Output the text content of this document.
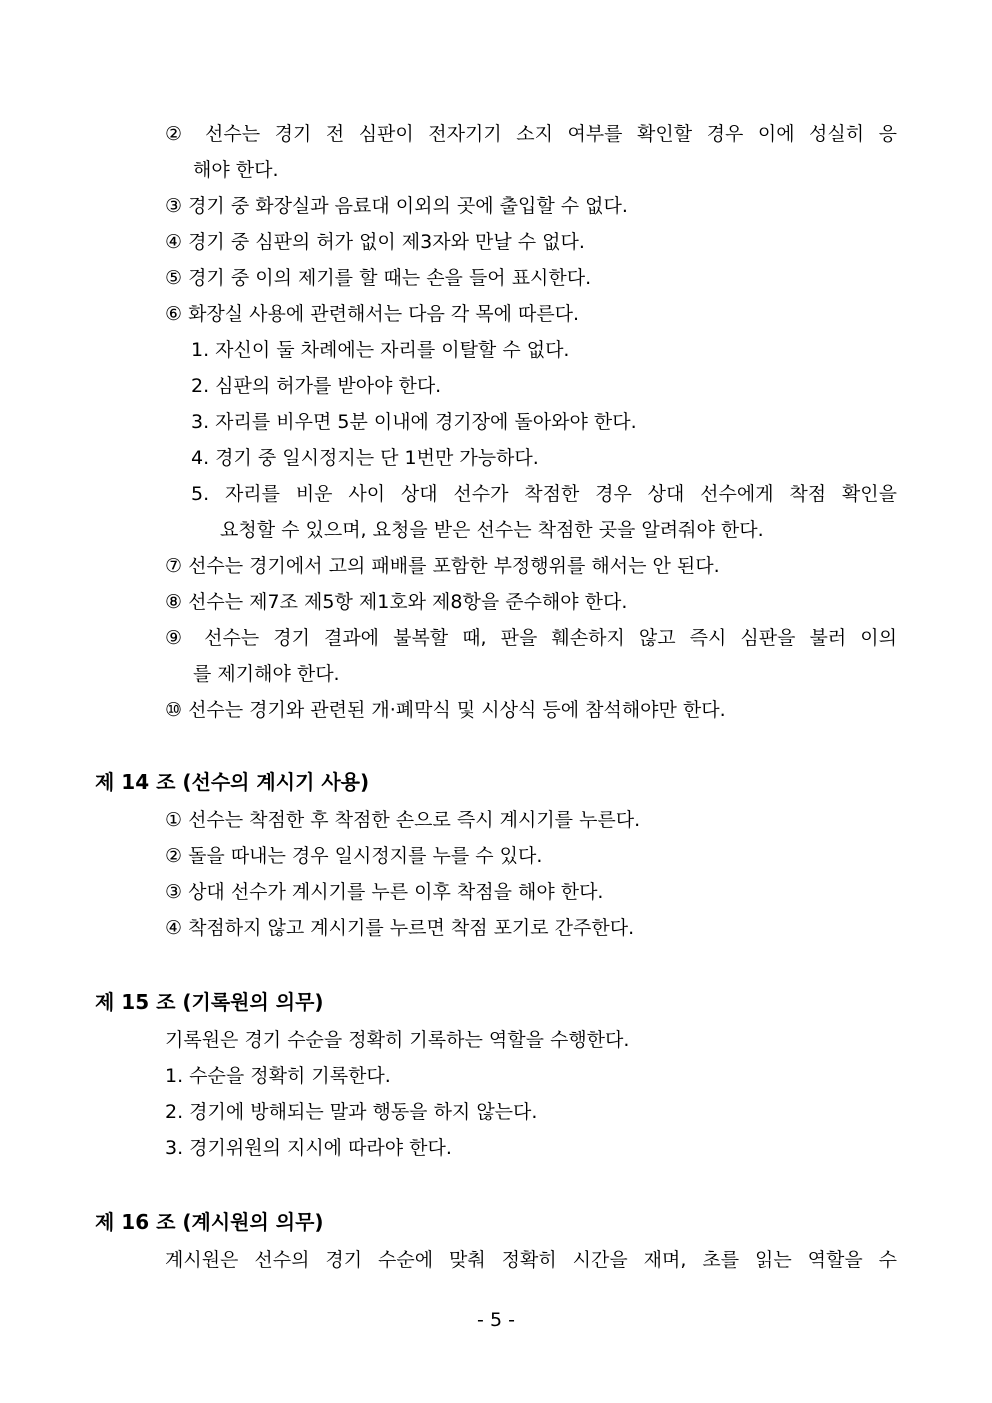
② 선수는 경기 전 심판이 전자기기 소지 여부를 확인할 경우 이에 성실히 응
해야 한다.
③ 경기 중 화장실과 음료대 이외의 곳에 출입할 수 없다.
④ 경기 중 심판의 허가 없이 제3자와 만날 수 없다.
⑤ 경기 중 이의 제기를 할 때는 손을 들어 표시한다.
⑥ 화장실 사용에 관련해서는 다음 각 목에 따른다.
1. 자신이 둘 차례에는 자리를 이탈할 수 없다.
2. 심판의 허가를 받아야 한다.
3. 자리를 비우면 5분 이내에 경기장에 돌아와야 한다.
4. 경기 중 일시정지는 단 1번만 가능하다.
5. 자리를 비운 사이 상대 선수가 착점한 경우 상대 선수에게 착점 확인을
요청할 수 있으며, 요청을 받은 선수는 착점한 곳을 알려줘야 한다.
⑦ 선수는 경기에서 고의 패배를 포함한 부정행위를 해서는 안 된다.
⑧ 선수는 제7조 제5항 제1호와 제8항을 준수해야 한다.
⑨ 선수는 경기 결과에 불복할 때, 판을 훼손하지 않고 즉시 심판을 불러 이의
를 제기해야 한다.
⑩ 선수는 경기와 관련된 개·폐막식 및 시상식 등에 참석해야만 한다.
제 14 조 (선수의 계시기 사용)
① 선수는 착점한 후 착점한 손으로 즉시 계시기를 누른다.
② 돌을 따내는 경우 일시정지를 누를 수 있다.
③ 상대 선수가 계시기를 누른 이후 착점을 해야 한다.
④ 착점하지 않고 계시기를 누르면 착점 포기로 간주한다.
제 15 조 (기록원의 의무)
기록원은 경기 수순을 정확히 기록하는 역할을 수행한다.
1. 수순을 정확히 기록한다.
2. 경기에 방해되는 말과 행동을 하지 않는다.
3. 경기위원의 지시에 따라야 한다.
제 16 조 (계시원의 의무)
계시원은 선수의 경기 수순에 맞춰 정확히 시간을 재며, 초를 읽는 역할을 수
- 5 -
